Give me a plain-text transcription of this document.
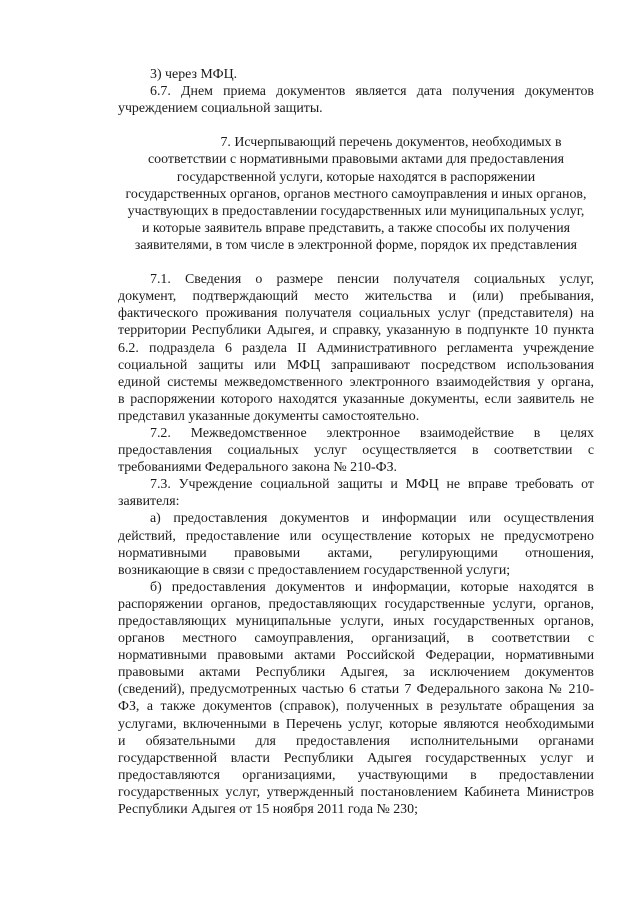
3) через МФЦ.
6.7. Днем приема документов является дата получения документов
учреждением социальной защиты.
7. Исчерпывающий перечень документов, необходимых в
соответствии с нормативными правовыми актами для предоставления
государственной услуги, которые находятся в распоряжении
государственных органов, органов местного самоуправления и иных органов,
участвующих в предоставлении государственных или муниципальных услуг,
и которые заявитель вправе представить, а также способы их получения
заявителями, в том числе в электронной форме, порядок их представления
7.1. Сведения о размере пенсии получателя социальных услуг,
документ, подтверждающий место жительства и (или) пребывания,
фактического проживания получателя социальных услуг (представителя) на
территории Республики Адыгея, и справку, указанную в подпункте 10 пункта
6.2. подраздела 6 раздела II Административного регламента учреждение
социальной защиты или МФЦ запрашивают посредством использования
единой системы межведомственного электронного взаимодействия у органа,
в распоряжении которого находятся указанные документы, если заявитель не
представил указанные документы самостоятельно.
7.2. Межведомственное электронное взаимодействие в целях
предоставления социальных услуг осуществляется в соответствии с
требованиями Федерального закона № 210-ФЗ.
7.3. Учреждение социальной защиты и МФЦ не вправе требовать от
заявителя:
а) предоставления документов и информации или осуществления
действий, предоставление или осуществление которых не предусмотрено
нормативными правовыми актами, регулирующими отношения,
возникающие в связи с предоставлением государственной услуги;
б) предоставления документов и информации, которые находятся в
распоряжении органов, предоставляющих государственные услуги, органов,
предоставляющих муниципальные услуги, иных государственных органов,
органов местного самоуправления, организаций, в соответствии с
нормативными правовыми актами Российской Федерации, нормативными
правовыми актами Республики Адыгея, за исключением документов
(сведений), предусмотренных частью 6 статьи 7 Федерального закона № 210-
ФЗ, а также документов (справок), полученных в результате обращения за
услугами, включенными в Перечень услуг, которые являются необходимыми
и обязательными для предоставления исполнительными органами
государственной власти Республики Адыгея государственных услуг и
предоставляются организациями, участвующими в предоставлении
государственных услуг, утвержденный постановлением Кабинета Министров
Республики Адыгея от 15 ноября 2011 года № 230;
